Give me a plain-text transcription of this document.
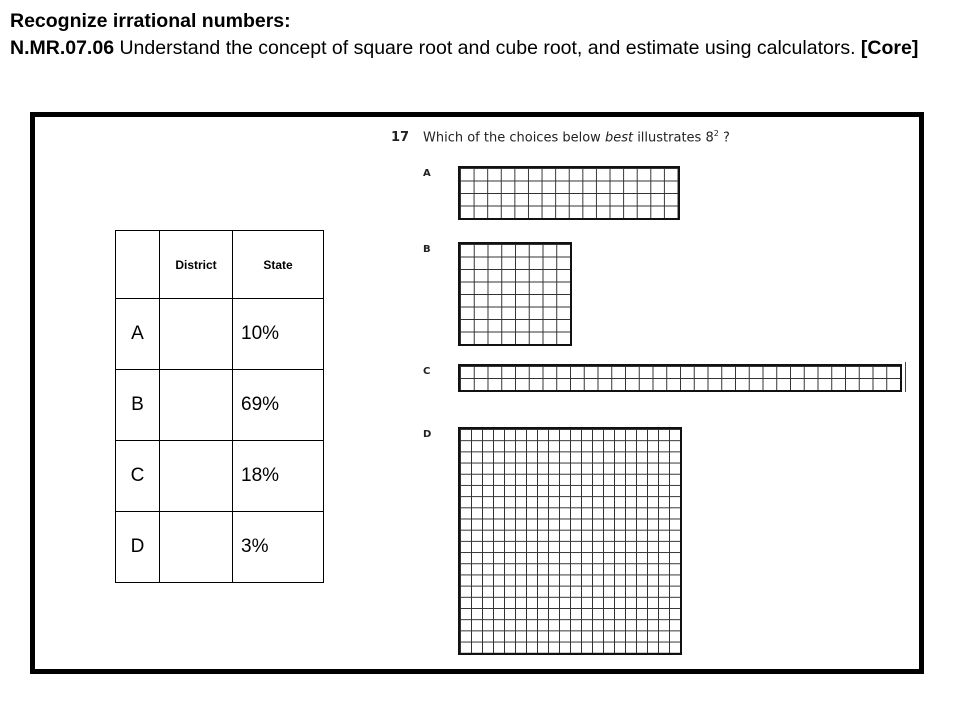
Recognize irrational numbers:
N.MR.07.06 Understand the concept of square root and cube root, and estimate using calculators. [Core]
	District	State
A		10%
B		69%
C		18%
D		3%
17 Which of the choices below best illustrates $8^2$ ?
A
B
C
D
